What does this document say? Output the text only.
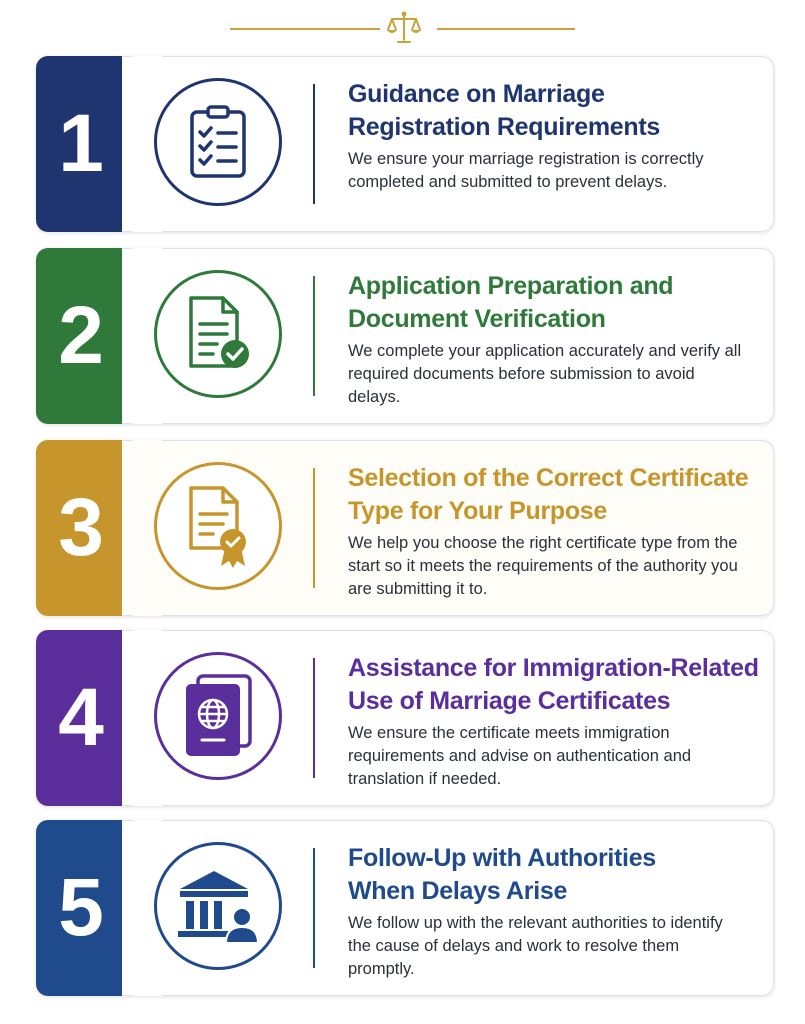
1
Guidance on Marriage
Registration Requirements
We ensure your marriage registration is correctly completed and submitted to prevent delays.
2
Application Preparation and
Document Verification
We complete your application accurately and verify all required documents before submission to avoid delays.
3
Selection of the Correct Certificate
Type for Your Purpose
We help you choose the right certificate type from the start so it meets the requirements of the authority you are submitting it to.
4
Assistance for Immigration-Related
Use of Marriage Certificates
We ensure the certificate meets immigration requirements and advise on authentication and translation if needed.
5
Follow-Up with Authorities
When Delays Arise
We follow up with the relevant authorities to identify the cause of delays and work to resolve them promptly.
